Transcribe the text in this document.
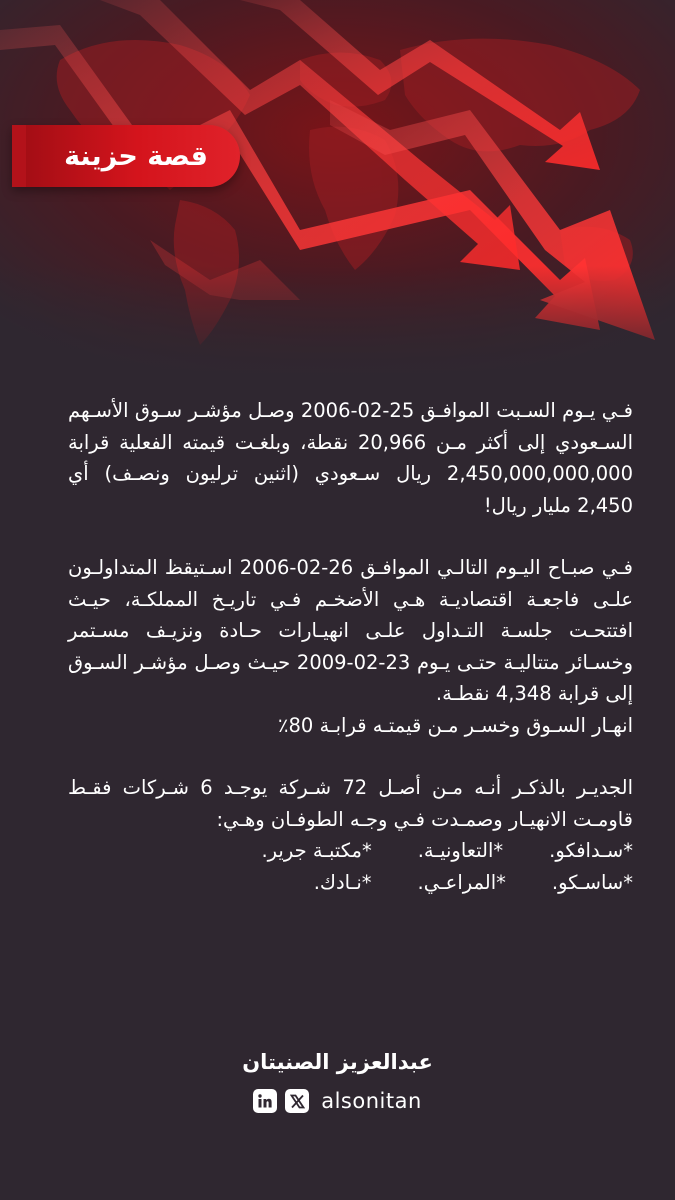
قصة حزينة

فـي يـوم السـبت الموافـق 25-02-2006 وصـل مؤشـر سـوق الأسـهم السـعودي إلى أكثر مـن 20,966 نقطة، وبلغـت قيمته الفعلية قرابة 2,450,000,000,000 ريال سـعودي (اثنين ترليون ونصـف) أي 2,450 مليار ريال!

فـي صبـاح اليـوم التالـي الموافـق 26-02-2006 اسـتيقظ المتداولـون علـى فاجعـة اقتصاديـة هـي الأضخـم فـي تاريـخ المملكـة، حيـث افتتحـت جلسـة التـداول علـى انهيـارات حـادة ونزيـف مسـتمر وخسـائر متتاليـة حتـى يـوم 23-02-2009 حيـث وصـل مؤشـر السـوق إلى قرابة 4,348 نقطـة.

انهـار السـوق وخسـر مـن قيمتـه قرابـة 80٪

الجديـر بالذكـر أنـه مـن أصـل 72 شـركة يوجـد 6 شـركات فقـط قاومـت الانهيـار وصمـدت فـي وجـه الطوفـان وهـي:

*سـدافكو.
*التعاونيـة.
*مكتبـة جرير.
*ساسـكو.
*المراعـي.
*نـادك.
عبدالعزيز الصنيتان
alsonitan
